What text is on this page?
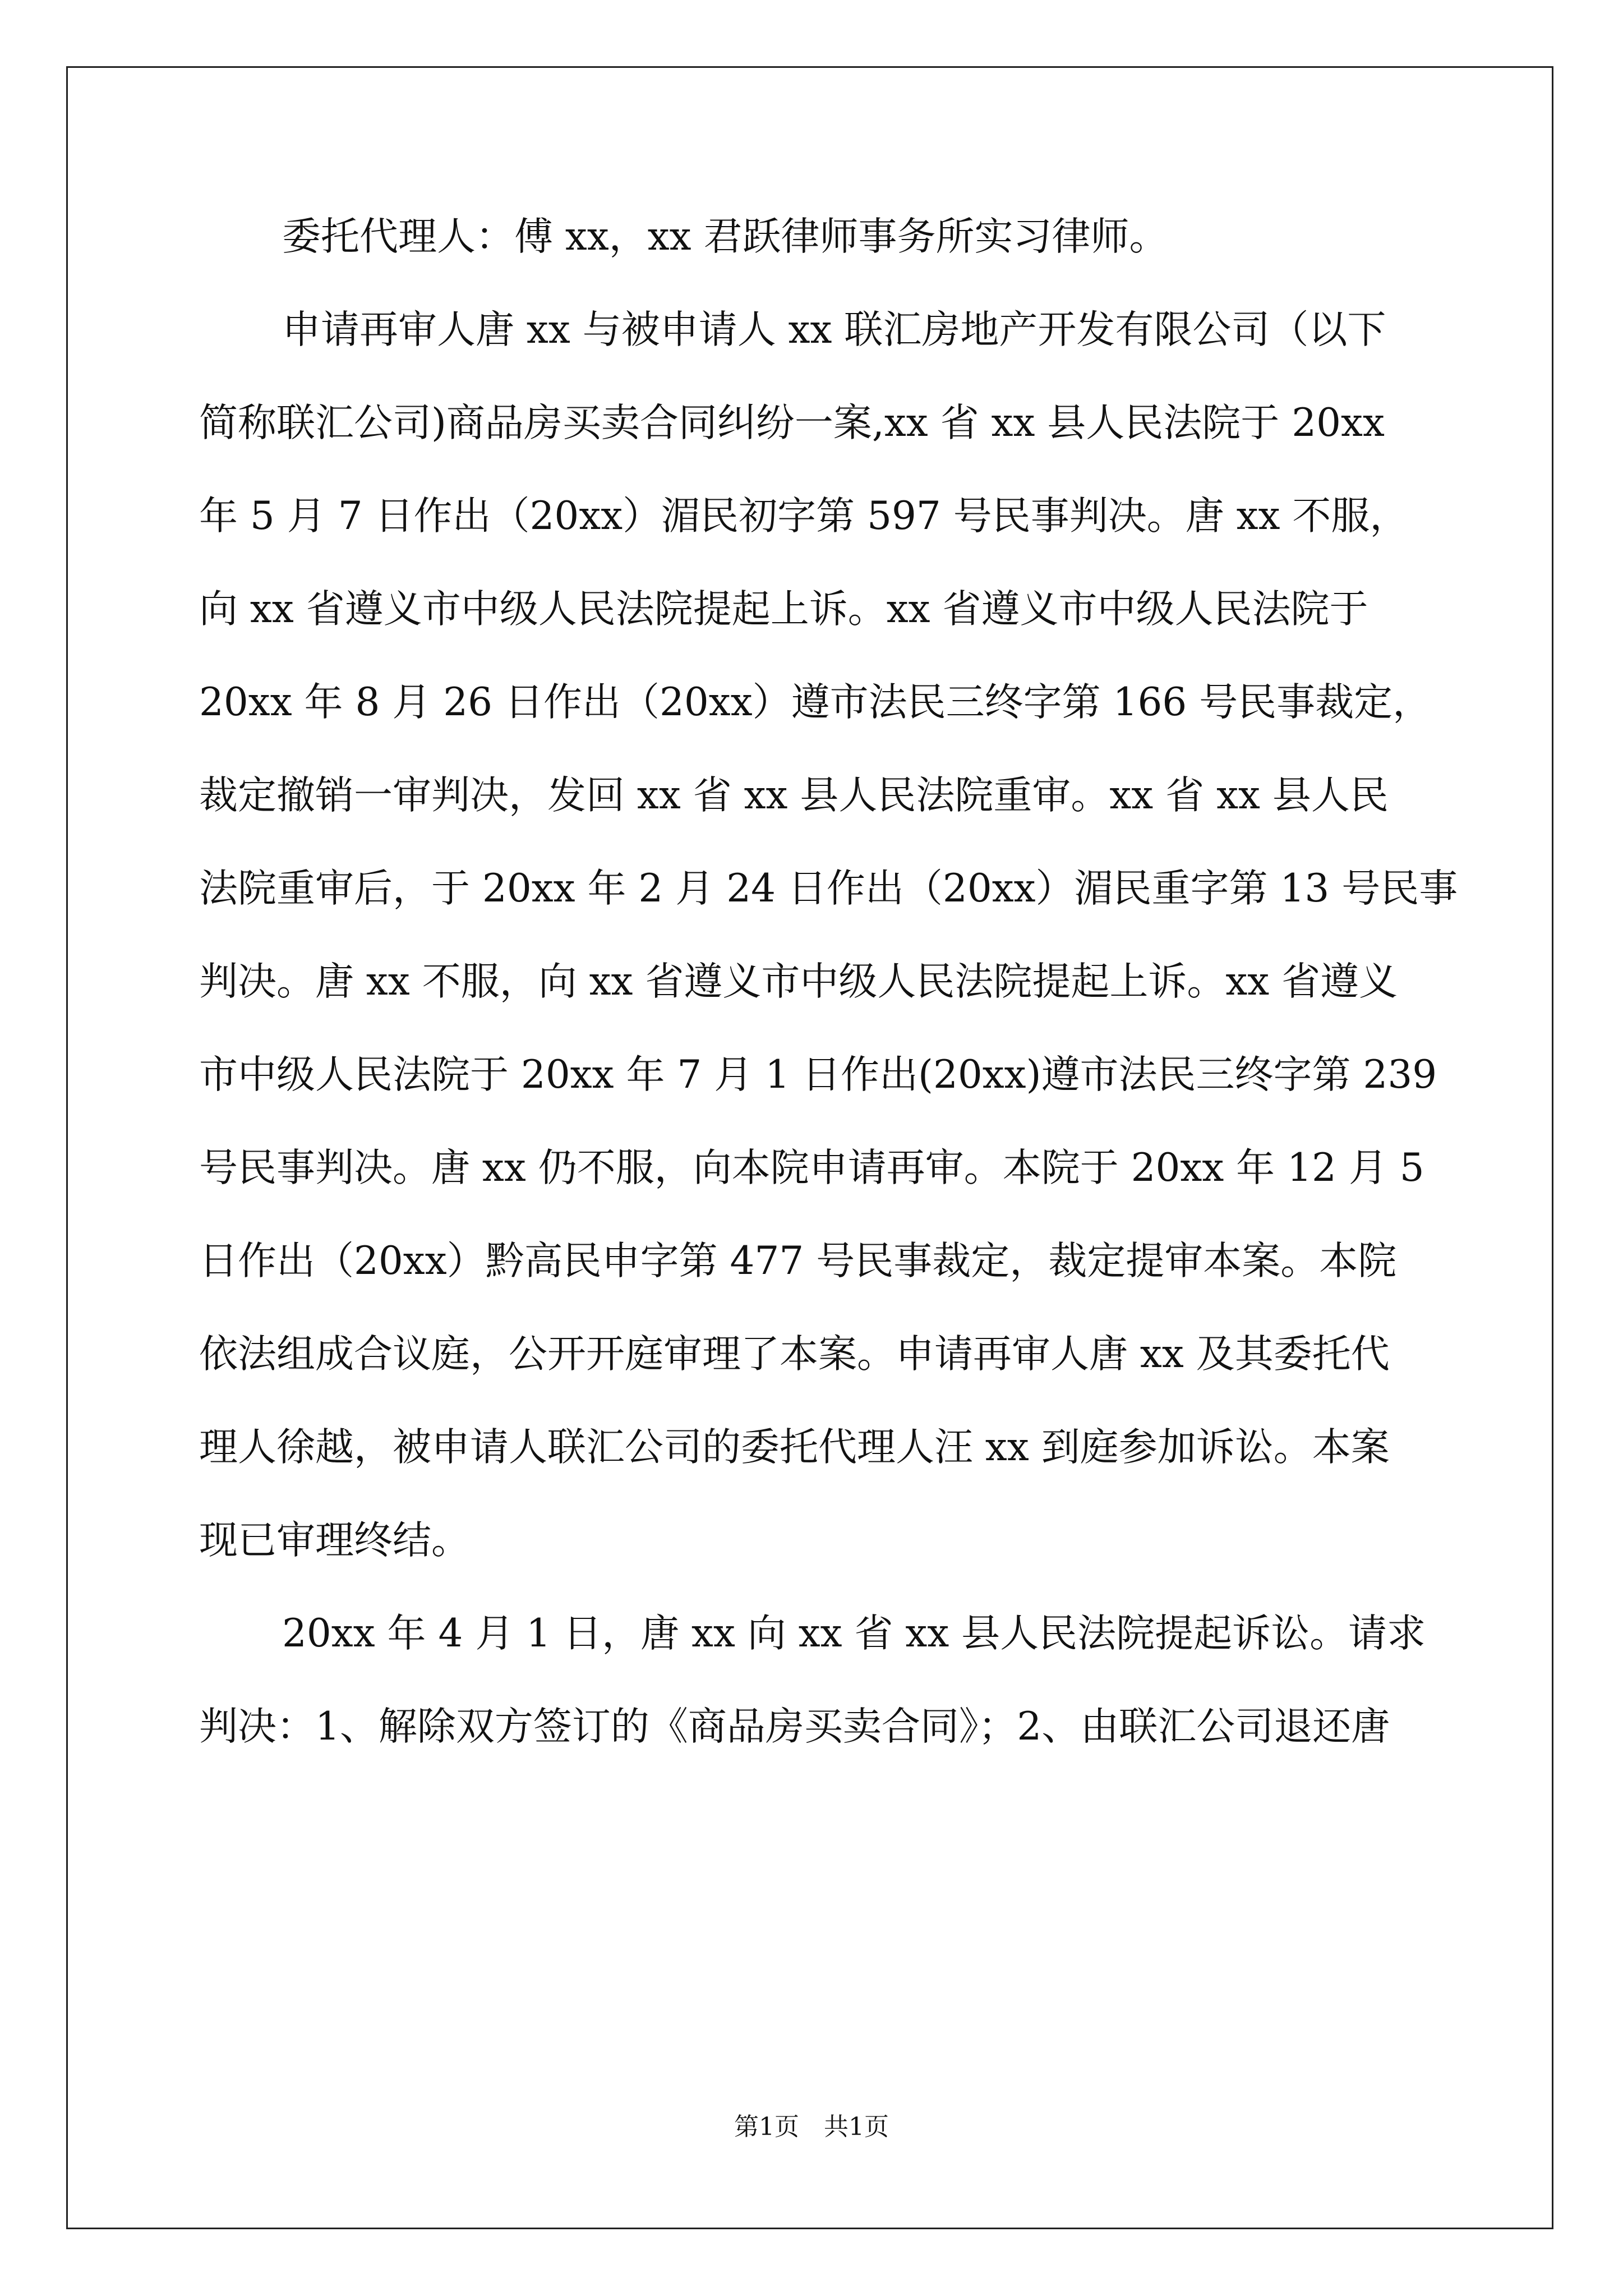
委托代理人：傅 xx，xx 君跃律师事务所实习律师。
申请再审人唐 xx 与被申请人 xx 联汇房地产开发有限公司（以下
简称联汇公司)商品房买卖合同纠纷一案,xx 省 xx 县人民法院于 20xx
年 5 月 7 日作出（20xx）湄民初字第 597 号民事判决。唐 xx 不服，
向 xx 省遵义市中级人民法院提起上诉。xx 省遵义市中级人民法院于
20xx 年 8 月 26 日作出（20xx）遵市法民三终字第 166 号民事裁定，
裁定撤销一审判决，发回 xx 省 xx 县人民法院重审。xx 省 xx 县人民
法院重审后，于 20xx 年 2 月 24 日作出（20xx）湄民重字第 13 号民事
判决。唐 xx 不服，向 xx 省遵义市中级人民法院提起上诉。xx 省遵义
市中级人民法院于 20xx 年 7 月 1 日作出(20xx)遵市法民三终字第 239
号民事判决。唐 xx 仍不服，向本院申请再审。本院于 20xx 年 12 月 5
日作出（20xx）黔高民申字第 477 号民事裁定，裁定提审本案。本院
依法组成合议庭，公开开庭审理了本案。申请再审人唐 xx 及其委托代
理人徐越，被申请人联汇公司的委托代理人汪 xx 到庭参加诉讼。本案
现已审理终结。
20xx 年 4 月 1 日，唐 xx 向 xx 省 xx 县人民法院提起诉讼。请求
判决：1、解除双方签订的《商品房买卖合同》；2、由联汇公司退还唐
第1页 共1页
